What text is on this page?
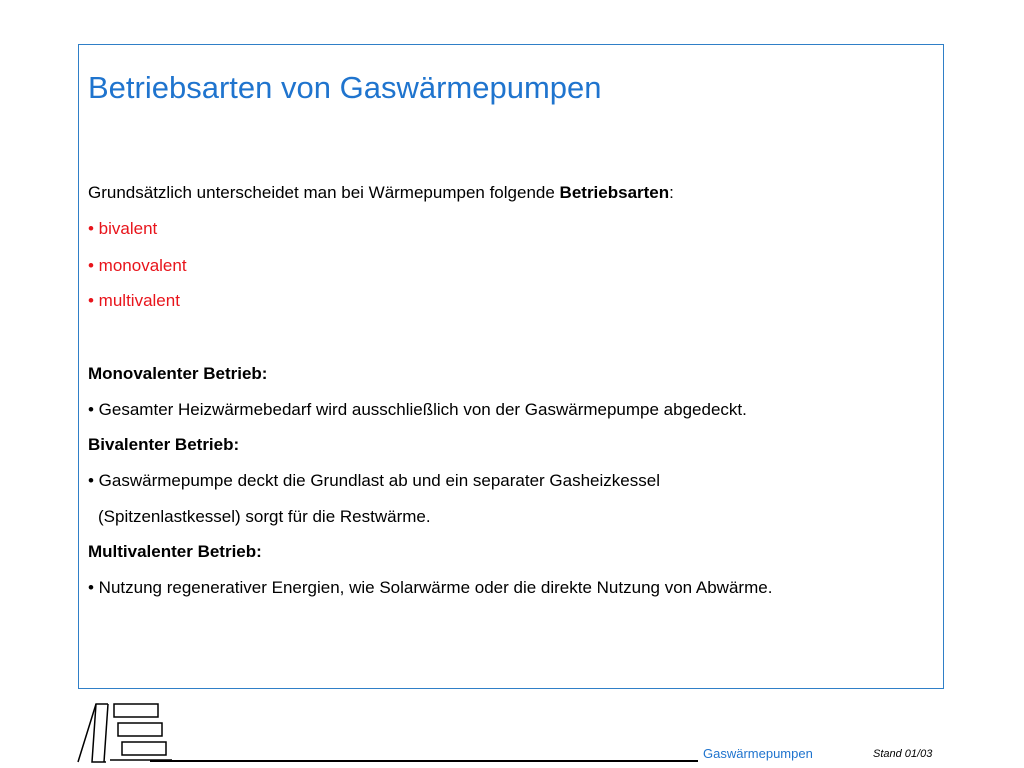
Betriebsarten von Gaswärmepumpen
Grundsätzlich unterscheidet man bei Wärmepumpen folgende Betriebsarten:
• bivalent
• monovalent
• multivalent
Monovalenter Betrieb:
• Gesamter Heizwärmebedarf wird ausschließlich von der Gaswärmepumpe abgedeckt.
Bivalenter Betrieb:
• Gaswärmepumpe deckt die Grundlast ab und ein separater Gasheizkessel
(Spitzenlastkessel) sorgt für die Restwärme.
Multivalenter Betrieb:
• Nutzung regenerativer Energien, wie Solarwärme oder die direkte Nutzung von Abwärme.
Gaswärmepumpen	Stand 01/03
